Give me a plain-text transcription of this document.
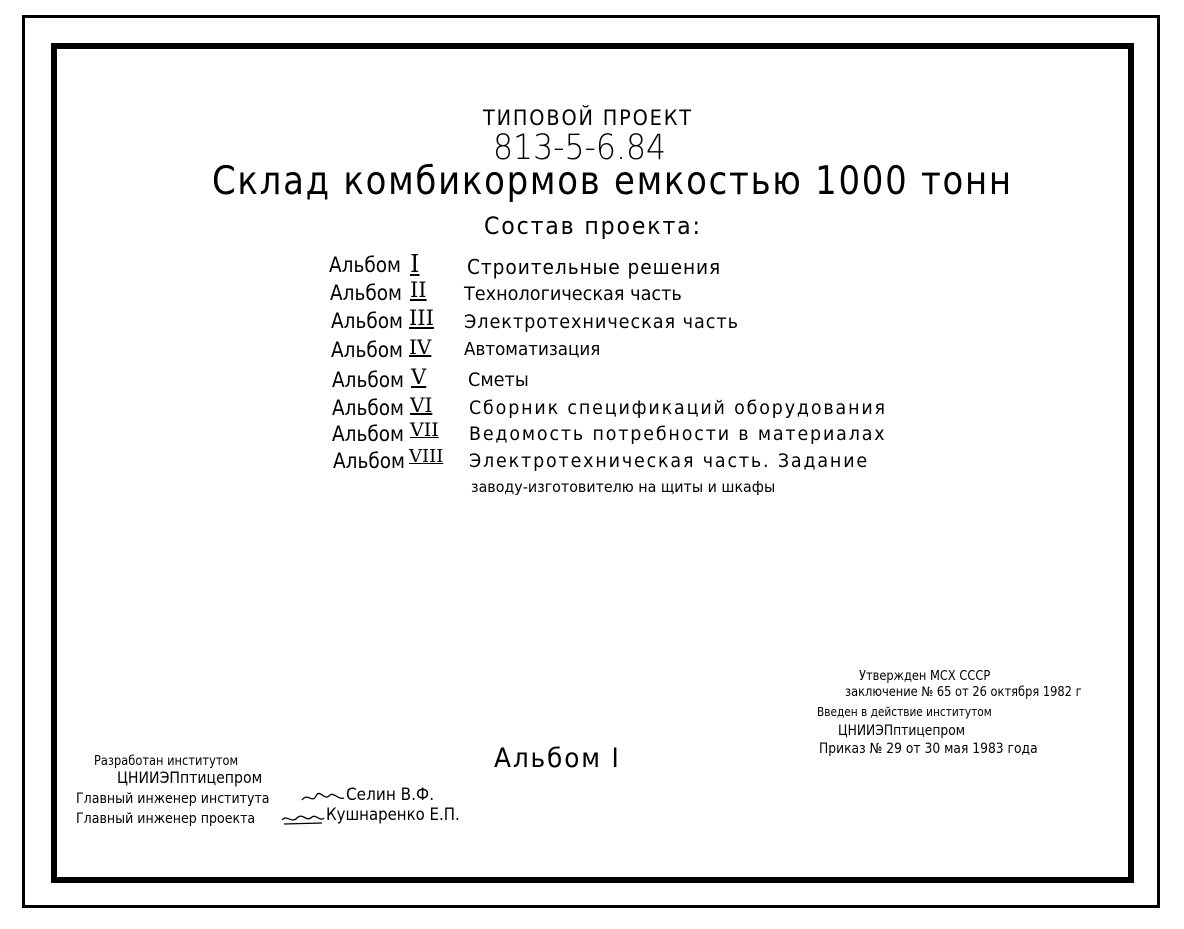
ТИПОВОЙ ПРОЕКТ
813-5-6.84
Склад комбикормов емкостью 1000 тонн
Состав проекта:
Альбом I Строительные решения
Альбом II Технологическая часть
Альбом III Электротехническая часть
Альбом IV Автоматизация
Альбом V Сметы
Альбом VI Сборник спецификаций оборудования
Альбом VII Ведомость потребности в материалах
Альбом VIII Электротехническая часть. Задание
заводу-изготовителю на щиты и шкафы
Альбом I
Утвержден МСХ СССР
заключение № 65 от 26 октября 1982 г
Введен в действие институтом
ЦНИИЭПптицепром
Приказ № 29 от 30 мая 1983 года
Разработан институтом
ЦНИИЭПптицепром
Главный инженер института	Селин В.Ф.
Главный инженер проекта	Кушнаренко Е.П.
